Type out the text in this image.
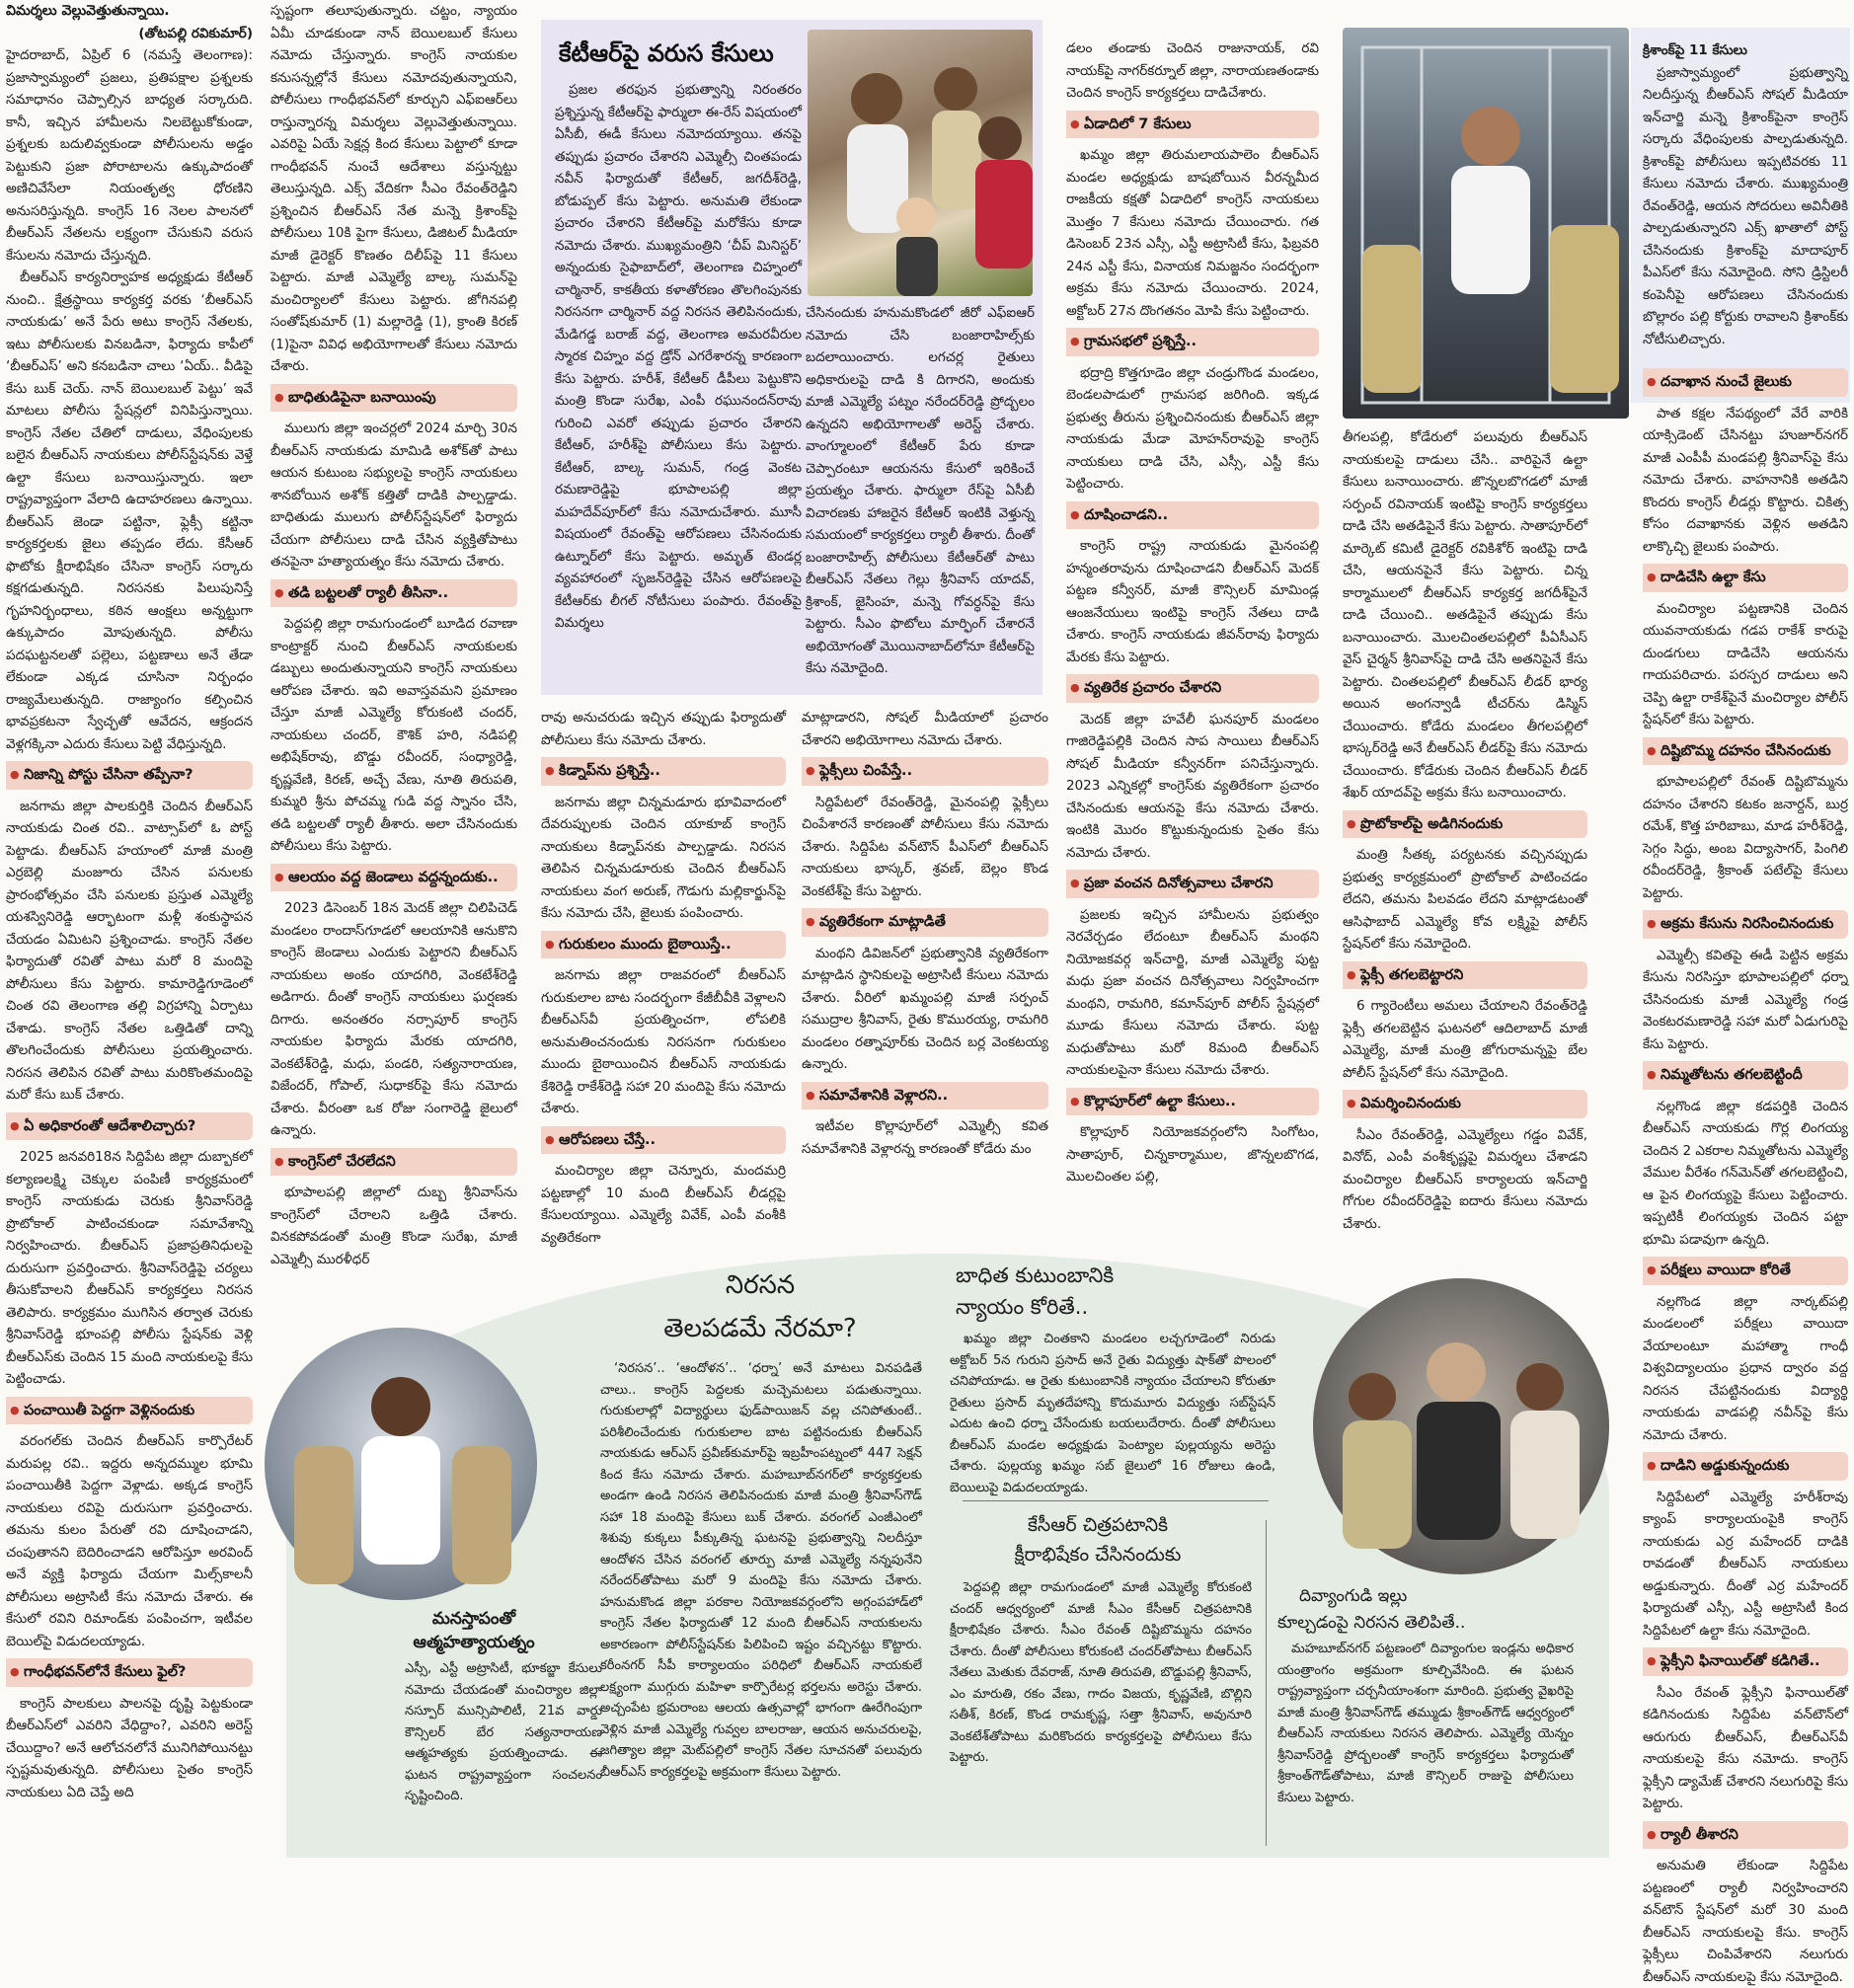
విమర్శలు వెల్లువెత్తుతున్నాయి.

(తోటపల్లి రవికుమార్‌)

హైదరాబాద్‌, ఏప్రిల్‌ 6 (నమస్తే తెలంగాణ): ప్రజాస్వామ్యంలో ప్రజలు, ప్రతిపక్షాల ప్రశ్నలకు సమాధానం చెప్పాల్సిన బాధ్యత సర్కారుది. కానీ, ఇచ్చిన హామీలను నిలబెట్టుకోకుండా, ప్రశ్నలకు బదులివ్వకుండా పోలీసులను అడ్డం పెట్టుకుని ప్రజా పోరాటాలను ఉక్కుపాదంతో అణిచివేసేలా నియంతృత్వ ధోరణిని అనుసరిస్తున్నది. కాంగ్రెస్‌ 16 నెలల పాలనలో బీఆర్‌ఎస్‌ నేతలను లక్ష్యంగా చేసుకుని వరుస కేసులను నమోదు చేస్తున్నది.

బీఆర్‌ఎస్‌ కార్యనిర్వాహక అధ్యక్షుడు కేటీఆర్‌ నుంచి.. క్షేత్రస్థాయి కార్యకర్త వరకు ‘బీఆర్‌ఎస్‌ నాయకుడు’ అనే పేరు అటు కాంగ్రెస్‌ నేతలకు, ఇటు పోలీసులకు వినబడినా, ఫిర్యాదు కాపీలో ‘బీఆర్‌ఎస్‌’ అని కనబడినా చాలు ‘ఏయ్‌.. వీడిపై కేసు బుక్‌ చెయ్‌. నాన్‌ బెయిలబుల్‌ పెట్టు’ ఇవే మాటలు పోలీసు స్టేషన్లలో వినిపిస్తున్నాయి. కాంగ్రెస్‌ నేతల చేతిలో దాడులు, వేధింపులకు బలైన బీఆర్‌ఎస్‌ నాయకులు పోలీస్‌స్టేషన్‌కు వెళ్తే ఉల్టా కేసులు బనాయిస్తున్నారు. ఇలా రాష్ట్రవ్యాప్తంగా వేలాది ఉదాహరణలు ఉన్నాయి. బీఆర్‌ఎస్‌ జెండా పట్టినా, ఫ్లెక్సీ కట్టినా కార్యకర్తలకు జైలు తప్పడం లేదు. కేసీఆర్‌ ఫొటోకు క్షీరాభిషేకం చేసినా కాంగ్రెస్‌ సర్కారు కక్షగడుతున్నది. నిరసనకు పిలుపునిస్తే గృహనిర్బంధాలు, కఠిన ఆంక్షలు అన్నట్టుగా ఉక్కుపాదం మోపుతున్నది. పోలీసు పదఘట్టనలతో పల్లెలు, పట్టణాలు అనే తేడా లేకుండా ఎక్కడ చూసినా నిర్బంధం రాజ్యమేలుతున్నది. రాజ్యాంగం కల్పించిన భావప్రకటనా స్వేచ్ఛతో ఆవేదన, ఆక్రందన వెళ్లగక్కినా ఎదురు కేసులు పెట్టి వేధిస్తున్నది.

● నిజాన్ని పోస్టు చేసినా తప్పేనా?

జనగామ జిల్లా పాలకుర్తికి చెందిన బీఆర్‌ఎస్‌ నాయకుడు చింత రవి.. వాట్సాప్‌లో ఓ పోస్ట్‌ పెట్టాడు. బీఆర్‌ఎస్‌ హయాంలో మాజీ మంత్రి ఎర్రబెల్లి మంజూరు చేసిన పనులకు ప్రారంభోత్సవం చేసి పనులకు ప్రస్తుత ఎమ్మెల్యే యశస్వినిరెడ్డి ఆర్భాటంగా మళ్లీ శంకుస్థాపన చేయడం ఏమిటని ప్రశ్నించాడు. కాంగ్రెస్‌ నేతల ఫిర్యాదుతో రవితో పాటు మరో 8 మందిపై పోలీసులు కేసు పెట్టారు. కామారెడ్డిగూడెంలో చింత రవి తెలంగాణ తల్లి విగ్రహాన్ని ఏర్పాటు చేశాడు. కాంగ్రెస్‌ నేతల ఒత్తిడితో దాన్ని తొలగించేందుకు పోలీసులు ప్రయత్నించారు. నిరసన తెలిపిన రవితో పాటు మరికొంతమందిపై మరో కేసు బుక్‌ చేశారు.

● ఏ అధికారంతో ఆదేశాలిచ్చారు?

2025 జనవరి18న సిద్దిపేట జిల్లా దుబ్బాకలో కల్యాణలక్ష్మి చెక్కుల పంపిణీ కార్యక్రమంలో కాంగ్రెస్‌ నాయకుడు చెరుకు శ్రీనివాస్‌రెడ్డి ప్రొటోకాల్‌ పాటించకుండా సమావేశాన్ని నిర్వహించారు. బీఆర్‌ఎస్‌ ప్రజాప్రతినిధులపై దురుసుగా ప్రవర్తించారు. శ్రీనివాస్‌రెడ్డిపై చర్యలు తీసుకోవాలని బీఆర్‌ఎస్‌ కార్యకర్తలు నిరసన తెలిపారు. కార్యక్రమం ముగిసిన తర్వాత చెరుకు శ్రీనివాస్‌రెడ్డి భూంపల్లి పోలీసు స్టేషన్‌కు వెళ్లి బీఆర్‌ఎస్‌కు చెందిన 15 మంది నాయకులపై కేసు పెట్టించాడు.

● పంచాయితీ పెద్దగా వెళ్లినందుకు

వరంగల్‌కు చెందిన బీఆర్‌ఎస్‌ కార్పొరేటర్‌ మరుపల్ల రవి.. ఇద్దరు అన్నదమ్ముల భూమి పంచాయితీకి పెద్దగా వెళ్లాడు. అక్కడ కాంగ్రెస్‌ నాయకులు రవిపై దురుసుగా ప్రవర్తించారు. తమను కులం పేరుతో రవి దూషించాడని, చంపుతానని బెదిరించాడని ఆరోపిస్తూ అరవింద్‌ అనే వ్యక్తి ఫిర్యాదు చేయగా మిల్స్‌కాలనీ పోలీసులు అట్రాసిటీ కేసు నమోదు చేశారు. ఈ కేసులో రవిని రిమాండ్‌కు పంపించగా, ఇటీవల బెయిల్‌పై విడుదలయ్యాడు.

● గాంధీభవన్‌లోనే కేసులు ఫైల్‌?

కాంగ్రెస్‌ పాలకులు పాలనపై దృష్టి పెట్టకుండా బీఆర్‌ఎస్‌లో ఎవరిని వేధిద్దాం?, ఎవరిని అరెస్ట్‌ చేయిద్దాం? అనే ఆలోచనలోనే మునిగిపోయినట్టు స్పష్టమవుతున్నది. పోలీసులు సైతం కాంగ్రెస్‌ నాయకులు ఏది చెప్తే అది

స్పష్టంగా తలూపుతున్నారు. చట్టం, న్యాయం ఏమీ చూడకుండా నాన్‌ బెయిలబుల్‌ కేసులు నమోదు చేస్తున్నారు. కాంగ్రెస్‌ నాయకుల కనుసన్నల్లోనే కేసులు నమోదవుతున్నాయని, పోలీసులు గాంధీభవన్‌లో కూర్చుని ఎఫ్‌ఐఆర్‌లు రాస్తున్నారన్న విమర్శలు వెల్లువెత్తుతున్నాయి. ఎవరిపై ఏయే సెక్షన్ల కింద కేసులు పెట్టాలో కూడా గాంధీభవన్‌ నుంచే ఆదేశాలు వస్తున్నట్టు తెలుస్తున్నది. ఎక్స్‌ వేదికగా సీఎం రేవంత్‌రెడ్డిని ప్రశ్నించిన బీఆర్‌ఎస్‌ నేత మన్నె క్రిశాంక్‌పై పోలీసులు 10కి పైగా కేసులు, డిజిటల్‌ మీడియా మాజీ డైరెక్టర్‌ కొణతం దిలీప్‌పై 11 కేసులు పెట్టారు. మాజీ ఎమ్మెల్యే బాల్క సుమన్‌పై మంచిర్యాలలో కేసులు పెట్టారు. జోగినపల్లి సంతోష్‌కుమార్‌ (1) మల్లారెడ్డి (1), క్రాంతి కిరణ్‌ (1)పైనా వివిధ అభియోగాలతో కేసులు నమోదు చేశారు.

● బాధితుడిపైనా బనాయింపు

ములుగు జిల్లా ఇంచర్లలో 2024 మార్చి 30న బీఆర్‌ఎస్‌ నాయకుడు మామిడి అశోక్‌తో పాటు ఆయన కుటుంబ సభ్యులపై కాంగ్రెస్‌ నాయకులు శానబోయిన అశోక్‌ కత్తితో దాడికి పాల్పడ్డాడు. బాధితుడు ములుగు పోలీస్‌స్టేషన్‌లో ఫిర్యాదు చేయగా పోలీసులు దాడి చేసిన వ్యక్తితోపాటు తనపైనా హత్యాయత్నం కేసు నమోదు చేశారు.

● తడి బట్టలతో ర్యాలీ తీసినా..

పెద్దపల్లి జిల్లా రామగుండంలో బూడిద రవాణా కాంట్రాక్టర్‌ నుంచి బీఆర్‌ఎస్‌ నాయకులకు డబ్బులు అందుతున్నాయని కాంగ్రెస్‌ నాయకులు ఆరోపణ చేశారు. ఇవి అవాస్తవమని ప్రమాణం చేస్తూ మాజీ ఎమ్మెల్యే కోరుకంటి చందర్‌, నాయకులు చందర్‌, కౌశిక్‌ హరి, నడిపల్లి అభిషేక్‌రావు, బొడ్డు రవీందర్‌, సంధ్యారెడ్డి, కృష్ణవేణి, కిరణ్‌, అచ్చే వేణు, నూతి తిరుపతి, కుమ్మరి శ్రీను పోచమ్మ గుడి వద్ద స్నానం చేసి, తడి బట్టలతో ర్యాలీ తీశారు. అలా చేసినందుకు పోలీసులు కేసు పెట్టారు.

● ఆలయం వద్ద జెండాలు వద్దన్నందుకు..

2023 డిసెంబర్‌ 18న మెదక్‌ జిల్లా చిలిపిచెడ్‌ మండలం రాందాస్‌గూడలో ఆలయానికి ఆనుకొని కాంగ్రెస్‌ జెండాలు ఎందుకు పెట్టారని బీఆర్‌ఎస్‌ నాయకులు అంకం యాదగిరి, వెంకటేశ్‌రెడ్డి అడిగారు. దీంతో కాంగ్రెస్‌ నాయకులు ఘర్షణకు దిగారు. అనంతరం నర్సాపూర్‌ కాంగ్రెస్‌ నాయకుల ఫిర్యాదు మేరకు యాదగిరి, వెంకటేశ్‌రెడ్డి, మధు, పండరి, సత్యనారాయణ, విజేందర్‌, గోపాల్‌, సుధాకర్‌పై కేసు నమోదు చేశారు. వీరంతా ఒక రోజు సంగారెడ్డి జైలులో ఉన్నారు.

● కాంగ్రెస్‌లో చేరలేదని

భూపాలపల్లి జిల్లాలో దుబ్బ శ్రీనివాస్‌ను కాంగ్రెస్‌లో చేరాలని ఒత్తిడి చేశారు. వినకపోవడంతో మంత్రి కొండా సురేఖ, మాజీ ఎమ్మెల్సీ మురళీధర్‌

కేటీఆర్‌పై వరుస కేసులు

ప్రజల తరఫున ప్రభుత్వాన్ని నిరంతరం ప్రశ్నిస్తున్న కేటీఆర్‌పై ఫార్ములా ఈ-రేస్‌ విషయంలో ఏసీబీ, ఈడీ కేసులు నమోదయ్యాయి. తనపై తప్పుడు ప్రచారం చేశారని ఎమ్మెల్సీ చింతపండు నవీన్‌ ఫిర్యాదుతో కేటీఆర్‌, జగదీశ్‌రెడ్డి, బోడుప్పల్‌ కేసు పెట్టారు. అనుమతి లేకుండా ప్రచారం చేశారని కేటీఆర్‌పై మరోకేసు కూడా నమోదు చేశారు. ముఖ్యమంత్రిని ‘చీప్‌ మినిస్టర్‌’ అన్నందుకు సైఫాబాద్‌లో, తెలంగాణ చిహ్నంలో చార్మినార్‌, కాకతీయ కళాతోరణం తొలగింపునకు నిరసనగా చార్మినార్‌ వద్ద నిరసన తెలిపినందుకు, మేడిగడ్డ బరాజ్‌ వద్ద, తెలంగాణ అమరవీరుల స్మారక చిహ్నం వద్ద డ్రోన్‌ ఎగరేశారన్న కారణంగా కేసు పెట్టారు. హరీశ్‌, కేటీఆర్‌ డీపీలు పెట్టుకొని మంత్రి కొండా సురేఖ, ఎంపీ రఘునందన్‌రావు గురించి ఎవరో తప్పుడు ప్రచారం చేశారని కేటీఆర్‌, హరీశ్‌పై పోలీసులు కేసు పెట్టారు. కేటీఆర్‌, బాల్క సుమన్‌, గండ్ర వెంకట రమణారెడ్డిపై భూపాలపల్లి జిల్లా మహదేవ్‌పూర్‌లో కేసు నమోదుచేశారు. మూసీ విషయంలో రేవంత్‌పై ఆరోపణలు చేసినందుకు ఉట్నూర్‌లో కేసు పెట్టారు. అమృత్‌ టెండర్ల వ్యవహారంలో సృజన్‌రెడ్డిపై చేసిన ఆరోపణలపై కేటీఆర్‌కు లీగల్‌ నోటీసులు పంపారు. రేవంత్‌పై విమర్శలు

చేసినందుకు హనుమకొండలో జీరో ఎఫ్‌ఐఆర్‌ నమోదు చేసి బంజారాహిల్స్‌కు బదలాయించారు. లగచర్ల రైతులు అధికారులపై దాడి కి దిగారని, అందుకు మాజీ ఎమ్మెల్యే పట్నం నరేందర్‌రెడ్డి ప్రోద్బలం ఉన్నదని అభియోగాలతో అరెస్ట్‌ చేశారు. వాంగ్మూలంలో కేటీఆర్‌ పేరు కూడా చెప్పారంటూ ఆయనను కేసులో ఇరికించే ప్రయత్నం చేశారు. ఫార్ములా రేస్‌పై ఏసీబీ విచారణకు హాజరైన కేటీఆర్‌ ఇంటికి వెళ్తున్న సమయంలో కార్యకర్తలు ర్యాలీ తీశారు. దీంతో బంజారాహిల్స్‌ పోలీసులు కేటీఆర్‌తో పాటు బీఆర్‌ఎస్‌ నేతలు గెల్లు శ్రీనివాస్‌ యాదవ్‌, క్రిశాంక్‌, జైసింహ, మన్నె గోవర్ధన్‌పై కేసు పెట్టారు. సీఎం ఫొటోలు మార్ఫింగ్‌ చేశారనే అభియోగంతో మొయినాబాద్‌లోనూ కేటీఆర్‌పై కేసు నమోదైంది.

రావు అనుచరుడు ఇచ్చిన తప్పుడు ఫిర్యాదుతో పోలీసులు కేసు నమోదు చేశారు.

● కిడ్నాప్‌ను ప్రశ్నిస్తే..

జనగామ జిల్లా చిన్నమడూరు భూవివాదంలో దేవరుప్పులకు చెందిన యాకూబ్‌ కాంగ్రెస్‌ నాయకులు కిడ్నాప్‌నకు పాల్పడ్డాడు. నిరసన తెలిపిన చిన్నమడూరుకు చెందిన బీఆర్‌ఎస్‌ నాయకులు వంగ అరుణ్‌, గౌడుగు మల్లికార్జున్‌పై కేసు నమోదు చేసి, జైలుకు పంపించారు.

● గురుకులం ముందు బైఠాయిస్తే..

జనగామ జిల్లా రాజవరంలో బీఆర్‌ఎస్‌ గురుకులాల బాట సందర్భంగా కేజీబీవీకి వెళ్లాలని బీఆర్‌ఎస్‌వీ ప్రయత్నించగా, లోపలికి అనుమతించనందుకు నిరసనగా గురుకులం ముందు బైఠాయించిన బీఆర్‌ఎస్‌ నాయకుడు కేశిరెడ్డి రాకేశ్‌రెడ్డి సహా 20 మందిపై కేసు నమోదు చేశారు.

● ఆరోపణలు చేస్తే..

మంచిర్యాల జిల్లా చెన్నూరు, మందమర్రి పట్టణాల్లో 10 మంది బీఆర్‌ఎస్‌ లీడర్లపై కేసులయ్యాయి. ఎమ్మెల్యే వివేక్‌, ఎంపీ వంశీకి వ్యతిరేకంగా

మాట్లాడారని, సోషల్‌ మీడియాలో ప్రచారం చేశారని అభియోగాలు నమోదు చేశారు.

● ఫ్లెక్సీలు చింపేస్తే..

సిద్దిపేటలో రేవంత్‌రెడ్డి, మైనంపల్లి ఫ్లెక్సీలు చింపేశారనే కారణంతో పోలీసులు కేసు నమోదు చేశారు. సిద్దిపేట వన్‌టౌన్‌ పీఎస్‌లో బీఆర్‌ఎస్‌ నాయకులు భాస్కర్‌, శ్రవణ్‌, బెల్లం కొండ వెంకటేశ్‌పై కేసు పెట్టారు.

● వ్యతిరేకంగా మాట్లాడితే

మంథని డివిజన్‌లో ప్రభుత్వానికి వ్యతిరేకంగా మాట్లాడిన స్థానికులపై అట్రాసిటీ కేసులు నమోదు చేశారు. వీరిలో ఖమ్మంపల్లి మాజీ సర్పంచ్‌ సముద్రాల శ్రీనివాస్‌, రైతు కొమురయ్య, రామగిరి మండలం రత్నాపూర్‌కు చెందిన బర్ల వెంకటయ్య ఉన్నారు.

● సమావేశానికి వెళ్లారని..

ఇటీవల కొల్లాపూర్‌లో ఎమ్మెల్సీ కవిత సమావేశానికి వెళ్లారన్న కారణంతో కోడేరు మం

డలం తండాకు చెందిన రాజునాయక్‌, రవి నాయక్‌పై నాగర్‌కర్నూల్‌ జిల్లా, నారాయణతండాకు చెందిన కాంగ్రెస్‌ కార్యకర్తలు దాడిచేశారు.

● ఏడాదిలో 7 కేసులు

ఖమ్మం జిల్లా తిరుమలాయపాలెం బీఆర్‌ఎస్‌ మండల అధ్యక్షుడు బాషబోయిన వీరన్నమీద రాజకీయ కక్షతో ఏడాదిలో కాంగ్రెస్‌ నాయకులు మొత్తం 7 కేసులు నమోదు చేయించారు. గత డిసెంబర్‌ 23న ఎస్సీ, ఎస్టీ అట్రాసిటీ కేసు, ఫిబ్రవరి 24న ఎస్టీ కేసు, వినాయక నిమజ్జనం సందర్భంగా అక్రమ కేసు నమోదు చేయించారు. 2024, అక్టోబర్‌ 27న దొంగతనం మోపి కేసు పెట్టించారు.

● గ్రామసభలో ప్రశ్నిస్తే..

భద్రాద్రి కొత్తగూడెం జిల్లా చండ్రుగొండ మండలం, బెండలపాడులో గ్రామసభ జరిగింది. ఇక్కడ ప్రభుత్వ తీరును ప్రశ్నించినందుకు బీఆర్‌ఎస్‌ జిల్లా నాయకుడు మేడా మోహన్‌రావుపై కాంగ్రెస్‌ నాయకులు దాడి చేసి, ఎస్సీ, ఎస్టీ కేసు పెట్టించారు.

● దూషించాడని..

కాంగ్రెస్‌ రాష్ట్ర నాయకుడు మైనంపల్లి హన్మంతరావును దూషించాడని బీఆర్‌ఎస్‌ మెదక్‌ పట్టణ కన్వీనర్‌, మాజీ కౌన్సిలర్‌ మామిండ్ల ఆంజనేయులు ఇంటిపై కాంగ్రెస్‌ నేతలు దాడి చేశారు. కాంగ్రెస్‌ నాయకుడు జీవన్‌రావు ఫిర్యాదు మేరకు కేసు పెట్టారు.

● వ్యతిరేక ప్రచారం చేశారని

మెదక్‌ జిల్లా హవేలీ ఘనపూర్‌ మండలం గాజిరెడ్డిపల్లికి చెందిన సాప సాయిలు బీఆర్‌ఎస్‌ సోషల్‌ మీడియా కన్వీనర్‌గా పనిచేస్తున్నారు. 2023 ఎన్నికల్లో కాంగ్రెస్‌కు వ్యతిరేకంగా ప్రచారం చేసినందుకు ఆయనపై కేసు నమోదు చేశారు. ఇంటికి మొరం కొట్టుకున్నందుకు సైతం కేసు నమోదు చేశారు.

● ప్రజా వంచన దినోత్సవాలు చేశారని

ప్రజలకు ఇచ్చిన హామీలను ప్రభుత్వం నెరవేర్చడం లేదంటూ బీఆర్‌ఎస్‌ మంథని నియోజకవర్గ ఇన్‌చార్జి, మాజీ ఎమ్మెల్యే పుట్ట మధు ప్రజా వంచన దినోత్సవాలు నిర్వహించగా మంథని, రామగిరి, కమాన్‌పూర్‌ పోలీస్‌ స్టేషన్లలో మూడు కేసులు నమోదు చేశారు. పుట్ట మధుతోపాటు మరో 8మంది బీఆర్‌ఎస్‌ నాయకులపైనా కేసులు నమోదు చేశారు.

● కొల్లాపూర్‌లో ఉల్టా కేసులు..

కొల్లాపూర్‌ నియోజకవర్గంలోని సింగోటం, సాతాపూర్‌, చిన్నకార్మాముల, జొన్నలబొగడ, మొలచింతల పల్లి,

తీగలపల్లి, కోడేరులో పలువురు బీఆర్‌ఎస్‌ నాయకులపై దాడులు చేసి.. వారిపైనే ఉల్టా కేసులు బనాయించారు. జొన్నలబొగడలో మాజీ సర్పంచ్‌ రవినాయక్‌ ఇంటిపై కాంగ్రెస్‌ కార్యకర్తలు దాడి చేసి అతడిపైనే కేసు పెట్టారు. సాతాపూర్‌లో మార్కెట్‌ కమిటీ డైరెక్టర్‌ రవికిశోర్‌ ఇంటిపై దాడి చేసి, ఆయనపైనే కేసు పెట్టారు. చిన్న కార్మాములలో బీఆర్‌ఎస్‌ కార్యకర్త జగదీశ్‌పైనే దాడి చేయించి.. అతడిపైనే తప్పుడు కేసు బనాయించారు. మొలచింతలపల్లిలో పీఏసీఎస్‌ వైస్‌ చైర్మన్‌ శ్రీనివాస్‌పై దాడి చేసి అతనిపైనే కేసు పెట్టారు. చింతలపల్లిలో బీఆర్‌ఎస్‌ లీడర్‌ భార్య అయిన అంగన్వాడీ టీచర్‌ను డిస్మిస్‌ చేయించారు. కోడేరు మండలం తీగలపల్లిలో భాస్కర్‌రెడ్డి అనే బీఆర్‌ఎస్‌ లీడర్‌పై కేసు నమోదు చేయించారు. కోడేరుకు చెందిన బీఆర్‌ఎస్‌ లీడర్‌ శేఖర్‌ యాదవ్‌పై అక్రమ కేసు బనాయించారు.

● ప్రొటోకాల్‌పై అడిగినందుకు

మంత్రి సీతక్క పర్యటనకు వచ్చినప్పుడు ప్రభుత్వ కార్యక్రమంలో ప్రొటోకాల్‌ పాటించడం లేదని, తమను పిలవడం లేదని మాట్లాడటంతో ఆసిఫాబాద్‌ ఎమ్మెల్యే కోవ లక్ష్మిపై పోలీస్‌ స్టేషన్‌లో కేసు నమోదైంది.

● ఫ్లెక్సీ తగలబెట్టారని

6 గ్యారెంటీలు అమలు చేయాలని రేవంత్‌రెడ్డి ఫ్లెక్సీ తగలబెట్టిన ఘటనలో ఆదిలాబాద్‌ మాజీ ఎమ్మెల్యే, మాజీ మంత్రి జోగురామన్నపై బేల పోలీస్‌ స్టేషన్‌లో కేసు నమోదైంది.

● విమర్శించినందుకు

సీఎం రేవంత్‌రెడ్డి, ఎమ్మెల్యేలు గడ్డం వివేక్‌, వినోద్‌, ఎంపీ వంశీకృష్ణపై విమర్శలు చేశాడని మంచిర్యాల బీఆర్‌ఎస్‌ కార్యాలయ ఇన్‌చార్జి గోగుల రవీందర్‌రెడ్డిపై ఐదారు కేసులు నమోదు చేశారు.

క్రిశాంక్‌పై 11 కేసులు

ప్రజాస్వామ్యంలో ప్రభుత్వాన్ని నిలదీస్తున్న బీఆర్‌ఎస్‌ సోషల్‌ మీడియా ఇన్‌చార్జి మన్నె క్రిశాంక్‌పైనా కాంగ్రెస్‌ సర్కారు వేధింపులకు పాల్పడుతున్నది. క్రిశాంక్‌పై పోలీసులు ఇప్పటివరకు 11 కేసులు నమోదు చేశారు. ముఖ్యమంత్రి రేవంత్‌రెడ్డి, ఆయన సోదరులు అవినీతికి పాల్పడుతున్నారని ఎక్స్‌ ఖాతాలో పోస్ట్‌ చేసినందుకు క్రిశాంక్‌పై మాదాపూర్‌ పీఎస్‌లో కేసు నమోదైంది. సోని డ్రిస్టిలరీ కంపెనీపై ఆరోపణలు చేసినందుకు బొల్లారం పల్లి కోర్టుకు రావాలని క్రిశాంక్‌కు నోటీసులిచ్చారు.

● దవాఖాన నుంచే జైలుకు

పాత కక్షల నేపథ్యంలో వేరే వారికి యాక్సిడెంట్‌ చేసినట్టు హుజూర్‌నగర్‌ మాజీ ఎంపీపీ మండపల్లి శ్రీనివాస్‌పై కేసు నమోదు చేశారు. వాహనానికి అతడిని కొందరు కాంగ్రెస్‌ లీడర్లు కొట్టారు. చికిత్స కోసం దవాఖానకు వెళ్లిన అతడిని లాక్కొచ్చి జైలుకు పంపారు.

● దాడిచేసి ఉల్టా కేసు

మంచిర్యాల పట్టణానికి చెందిన యువనాయకుడు గడప రాకేశ్‌ కారుపై దుండగులు దాడిచేసి ఆయనను గాయపరిచారు. పరస్పర దాడులు అని చెప్పి ఉల్టా రాకేశ్‌పైనే మంచిర్యాల పోలీస్‌ స్టేషన్‌లో కేసు పెట్టారు.

● దిష్టిబొమ్మ దహనం చేసినందుకు

భూపాలపల్లిలో రేవంత్‌ దిష్టిబొమ్మను దహనం చేశారని కటకం జనార్దన్‌, బుర్ర రమేశ్‌, కొత్త హరిబాబు, మాడ హరీశ్‌రెడ్డి, సెగ్గం సిద్ధు, అంబ విద్యాసాగర్‌, పింగిలి రవీందర్‌రెడ్డి, శ్రీకాంత్‌ పటేల్‌పై కేసులు పెట్టారు.

● అక్రమ కేసును నిరసించినందుకు

ఎమ్మెల్సీ కవితపై ఈడీ పెట్టిన అక్రమ కేసును నిరసిస్తూ భూపాలపల్లిలో ధర్నా చేసినందుకు మాజీ ఎమ్మెల్యే గండ్ర వెంకటరమణారెడ్డి సహా మరో ఏడుగురిపై కేసు పెట్టారు.

● నిమ్మతోటను తగలబెట్టిందీ

నల్లగొండ జిల్లా కడపర్తికి చెందిన బీఆర్‌ఎస్‌ నాయకుడు గొర్ల లింగయ్య చెందిన 2 ఎకరాల నిమ్మతోటను ఎమ్మెల్యే వేముల వీరేశం గన్‌మెన్‌తో తగలబెట్టించి, ఆ పైన లింగయ్యపై కేసులు పెట్టించారు. ఇప్పటికీ లింగయ్యకు చెందిన పట్టా భూమి పడావుగా ఉన్నది.

● పరీక్షలు వాయిదా కోరితే

నల్లగొండ జిల్లా నార్కట్‌పల్లి మండలంలో పరీక్షలు వాయిదా వేయాలంటూ మహాత్మా గాంధీ విశ్వవిద్యాలయం ప్రధాన ద్వారం వద్ద నిరసన చేపట్టినందుకు విద్యార్థి నాయకుడు వాడపల్లి నవీన్‌పై కేసు నమోదు చేశారు.

● దాడిని అడ్డుకున్నందుకు

సిద్దిపేటలో ఎమ్మెల్యే హరీశ్‌రావు క్యాంప్‌ కార్యాలయంపైకి కాంగ్రెస్‌ నాయకుడు ఎర్ర మహేందర్‌ దాడికి రావడంతో బీఆర్‌ఎస్‌ నాయకులు అడ్డుకున్నారు. దీంతో ఎర్ర మహేందర్‌ ఫిర్యాదుతో ఎస్సీ, ఎస్టీ అట్రాసిటీ కింద సిద్దిపేటలో ఉల్టా కేసు నమోదైంది.

● ఫ్లెక్సీని ఫినాయిల్‌తో కడిగితే..

సీఎం రేవంత్‌ ఫ్లెక్సీని ఫినాయిల్‌తో కడిగినందుకు సిద్దిపేట వన్‌టౌన్‌లో ఆరుగురు బీఆర్‌ఎస్‌, బీఆర్‌ఎస్‌వీ నాయకులపై కేసు నమోదు. కాంగ్రెస్‌ ఫ్లెక్సీని డ్యామేజ్‌ చేశారని నలుగురిపై కేసు పెట్టారు.

● ర్యాలీ తీశారని

అనుమతి లేకుండా సిద్దిపేట పట్టణంలో ర్యాలీ నిర్వహించారని వన్‌టౌన్‌ స్టేషన్‌లో మరో 30 మంది బీఆర్‌ఎస్‌ నాయకులపై కేసు. కాంగ్రెస్‌ ఫ్లెక్సీలు చింపివేశారని నలుగురు బీఆర్‌ఎస్‌ నాయకులపై కేసు నమోదైంది.

మనస్తాపంతో
ఆత్మహత్యాయత్నం

ఎస్సీ, ఎస్టీ అట్రాసిటీ, భూకబ్జా కేసులు నమోదు చేయడంతో మంచిర్యాల జిల్లా నస్పూర్‌ మున్సిపాలిటీ, 21వ వార్డు కౌన్సిలర్‌ బేర సత్యనారాయణ ఆత్మహత్యకు ప్రయత్నించాడు. ఈ ఘటన రాష్ట్రవ్యాప్తంగా సంచలనం సృష్టించింది.

నిరసన
తెలపడమే నేరమా?

‘నిరసన’.. ‘ఆందోళన’.. ‘ధర్నా’ అనే మాటలు వినపడితే చాలు.. కాంగ్రెస్‌ పెద్దలకు మచ్చెమటలు పడుతున్నాయి. గురుకులాల్లో విద్యార్థులు ఫుడ్‌పాయిజన్‌ వల్ల చనిపోతుంటే.. పరిశీలించేందుకు గురుకులాల బాట పట్టినందుకు బీఆర్‌ఎస్‌ నాయకుడు ఆర్‌ఎస్‌ ప్రవీణ్‌కుమార్‌పై ఇబ్రహీంపట్నంలో 447 సెక్షన్‌ కింద కేసు నమోదు చేశారు. మహబూబ్‌నగర్‌లో కార్యకర్తలకు అండగా ఉండి నిరసన తెలిపినందుకు మాజీ మంత్రి శ్రీనివాస్‌గౌడ్‌ సహా 18 మందిపై కేసులు బుక్‌ చేశారు. వరంగల్‌ ఎంజీఎంలో శిశువు కుక్కలు పీక్కుతిన్న ఘటనపై ప్రభుత్వాన్ని నిలదీస్తూ ఆందోళన చేసిన వరంగల్‌ తూర్పు మాజీ ఎమ్మెల్యే నన్నపునేని నరేందర్‌తోపాటు మరో 9 మందిపై కేసు నమోదు చేశారు. హనుమకొండ జిల్లా పరకాల నియోజకవర్గంలోని అగ్గంపహాడ్‌లో కాంగ్రెస్‌ నేతల ఫిర్యాదుతో 12 మంది బీఆర్‌ఎస్‌ నాయకులను అకారణంగా పోలీస్‌స్టేషన్‌కు పిలిపించి ఇష్టం వచ్చినట్టు కొట్టారు. కరీంనగర్‌ సీపీ కార్యాలయం పరిధిలో బీఆర్‌ఎస్‌ నాయకులే లక్ష్యంగా ముగ్గురు మహిళా కార్పొరేటర్ల భర్తలను అరెస్టు చేశారు. అచ్చంపేట భ్రమరాంబ ఆలయ ఉత్సవాల్లో భాగంగా ఊరేగింపుగా వెళ్లిన మాజీ ఎమ్మెల్యే గువ్వల బాలరాజు, ఆయన అనుచరులపై, జగిత్యాల జిల్లా మెట్‌పల్లిలో కాంగ్రెస్‌ నేతల సూచనతో పలువురు బీఆర్‌ఎస్‌ కార్యకర్తలపై అక్రమంగా కేసులు పెట్టారు.

బాధిత కుటుంబానికి
న్యాయం కోరితే..

ఖమ్మం జిల్లా చింతకాని మండలం లచ్చగూడెంలో నిరుడు అక్టోబర్‌ 5న గురుని ప్రసాద్‌ అనే రైతు విద్యుత్తు షాక్‌తో పొలంలో చనిపోయాడు. ఆ రైతు కుటుంబానికి న్యాయం చేయాలని కోరుతూ రైతులు ప్రసాద్‌ మృతదేహాన్ని కొదుమూరు విద్యుత్తు సబ్‌స్టేషన్‌ ఎదుట ఉంచి ధర్నా చేసేందుకు బయలుదేరారు. దీంతో పోలీసులు బీఆర్‌ఎస్‌ మండల అధ్యక్షుడు పెంట్యాల పుల్లయ్యను అరెస్టు చేశారు. పుల్లయ్య ఖమ్మం సబ్‌ జైలులో 16 రోజులు ఉండి, బెయిలుపై విడుదలయ్యాడు.

కేసీఆర్‌ చిత్రపటానికి
క్షీరాభిషేకం చేసినందుకు

పెద్దపల్లి జిల్లా రామగుండంలో మాజీ ఎమ్మెల్యే కోరుకంటి చందర్‌ ఆధ్వర్యంలో మాజీ సీఎం కేసీఆర్‌ చిత్రపటానికి క్షీరాభిషేకం చేశారు. సీఎం రేవంత్‌ దిష్టిబొమ్మను దహనం చేశారు. దీంతో పోలీసులు కోరుకంటి చందర్‌తోపాటు బీఆర్‌ఎస్‌ నేతలు మెతుకు దేవరాజ్‌, నూతి తిరుపతి, బొడ్డుపల్లి శ్రీనివాస్‌, ఎం మారుతి, రకం వేణు, గాదం విజయ, కృష్ణవేణి, బొల్లిని సతీశ్‌, కిరణ్‌, కొండ రామకృష్ణ, సత్తా శ్రీనివాస్‌, అవునూరి వెంకటేశ్‌తోపాటు మరికొందరు కార్యకర్తలపై పోలీసులు కేసు పెట్టారు.

దివ్యాంగుడి ఇల్లు
కూల్చడంపై నిరసన తెలిపితే..

మహబూబ్‌నగర్‌ పట్టణంలో దివ్యాంగుల ఇండ్లను అధికార యంత్రాంగం అక్రమంగా కూల్చివేసింది. ఈ ఘటన రాష్ట్రవ్యాప్తంగా చర్చనీయాంశంగా మారింది. ప్రభుత్వ వైఖరిపై మాజీ మంత్రి శ్రీనివాస్‌గౌడ్‌ తమ్ముడు శ్రీకాంత్‌గౌడ్‌ ఆధ్వర్యంలో బీఆర్‌ఎస్‌ నాయకులు నిరసన తెలిపారు. ఎమ్మెల్యే యెన్నం శ్రీనివాస్‌రెడ్డి ప్రోద్బలంతో కాంగ్రెస్‌ కార్యకర్తలు ఫిర్యాదుతో శ్రీకాంత్‌గౌడ్‌తోపాటు, మాజీ కౌన్సిలర్‌ రాజుపై పోలీసులు కేసులు పెట్టారు.
